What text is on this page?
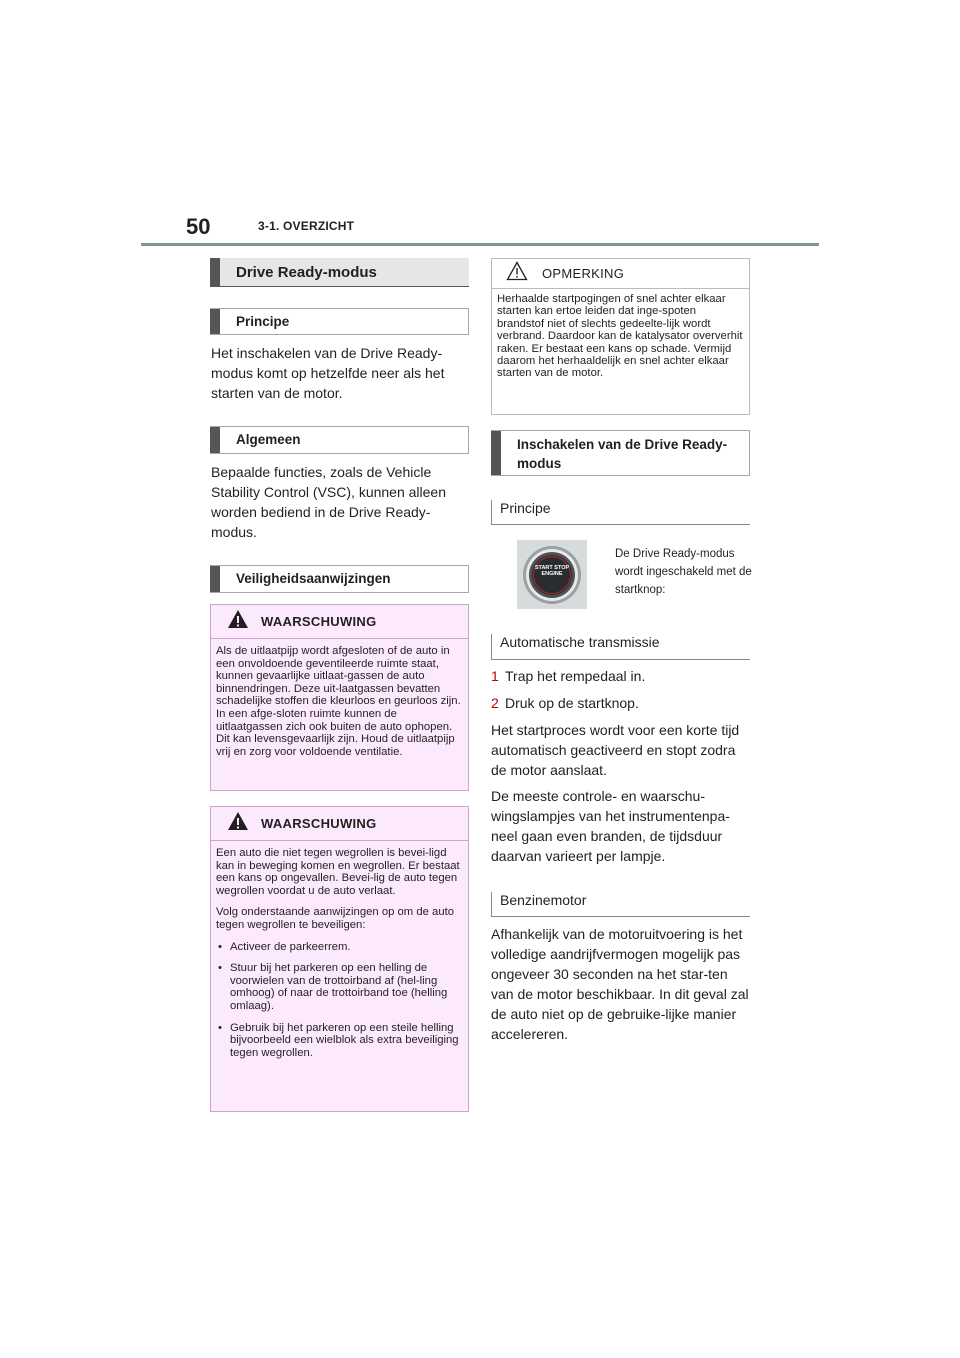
50	3-1. OVERZICHT
Drive Ready-modus
Principe
Het inschakelen van de Drive Ready-modus komt op hetzelfde neer als het starten van de motor.
Algemeen
Bepaalde functies, zoals de Vehicle Stability Control (VSC), kunnen alleen worden bediend in de Drive Ready-modus.
Veiligheidsaanwijzingen
WAARSCHUWING

Als de uitlaatpijp wordt afgesloten of de auto in een onvoldoende geventileerde ruimte staat, kunnen gevaarlijke uitlaat-gassen de auto binnendringen. Deze uit-laatgassen bevatten schadelijke stoffen die kleurloos en geurloos zijn. In een afge-sloten ruimte kunnen de uitlaatgassen zich ook buiten de auto ophopen. Dit kan levensgevaarlijk zijn. Houd de uitlaatpijp vrij en zorg voor voldoende ventilatie.

WAARSCHUWING

Een auto die niet tegen wegrollen is bevei-ligd kan in beweging komen en wegrollen. Er bestaat een kans op ongevallen. Bevei-lig de auto tegen wegrollen voordat u de auto verlaat.

Volg onderstaande aanwijzingen op om de auto tegen wegrollen te beveiligen:

• Activeer de parkeerrem.
• Stuur bij het parkeren op een helling de voorwielen van de trottoirband af (hel-ling omhoog) of naar de trottoirband toe (helling omlaag).
• Gebruik bij het parkeren op een steile helling bijvoorbeeld een wielblok als extra beveiliging tegen wegrollen.
OPMERKING
Herhaalde startpogingen of snel achter elkaar starten kan ertoe leiden dat inge-spoten brandstof niet of slechts gedeelte-lijk wordt verbrand. Daardoor kan de katalysator oververhit raken. Er bestaat een kans op schade. Vermijd daarom het herhaaldelijk en snel achter elkaar starten van de motor.
Inschakelen van de Drive Ready-modus
Principe
START STOP ENGINE
De Drive Ready-modus wordt ingeschakeld met de startknop:
Automatische transmissie
1 Trap het rempedaal in.
2 Druk op de startknop.
Het startproces wordt voor een korte tijd automatisch geactiveerd en stopt zodra de motor aanslaat.
De meeste controle- en waarschu-wingslampjes van het instrumentenpa-neel gaan even branden, de tijdsduur daarvan varieert per lampje.
Benzinemotor
Afhankelijk van de motoruitvoering is het volledige aandrijfvermogen mogelijk pas ongeveer 30 seconden na het star-ten van de motor beschikbaar. In dit geval zal de auto niet op de gebruike-lijke manier accelereren.
